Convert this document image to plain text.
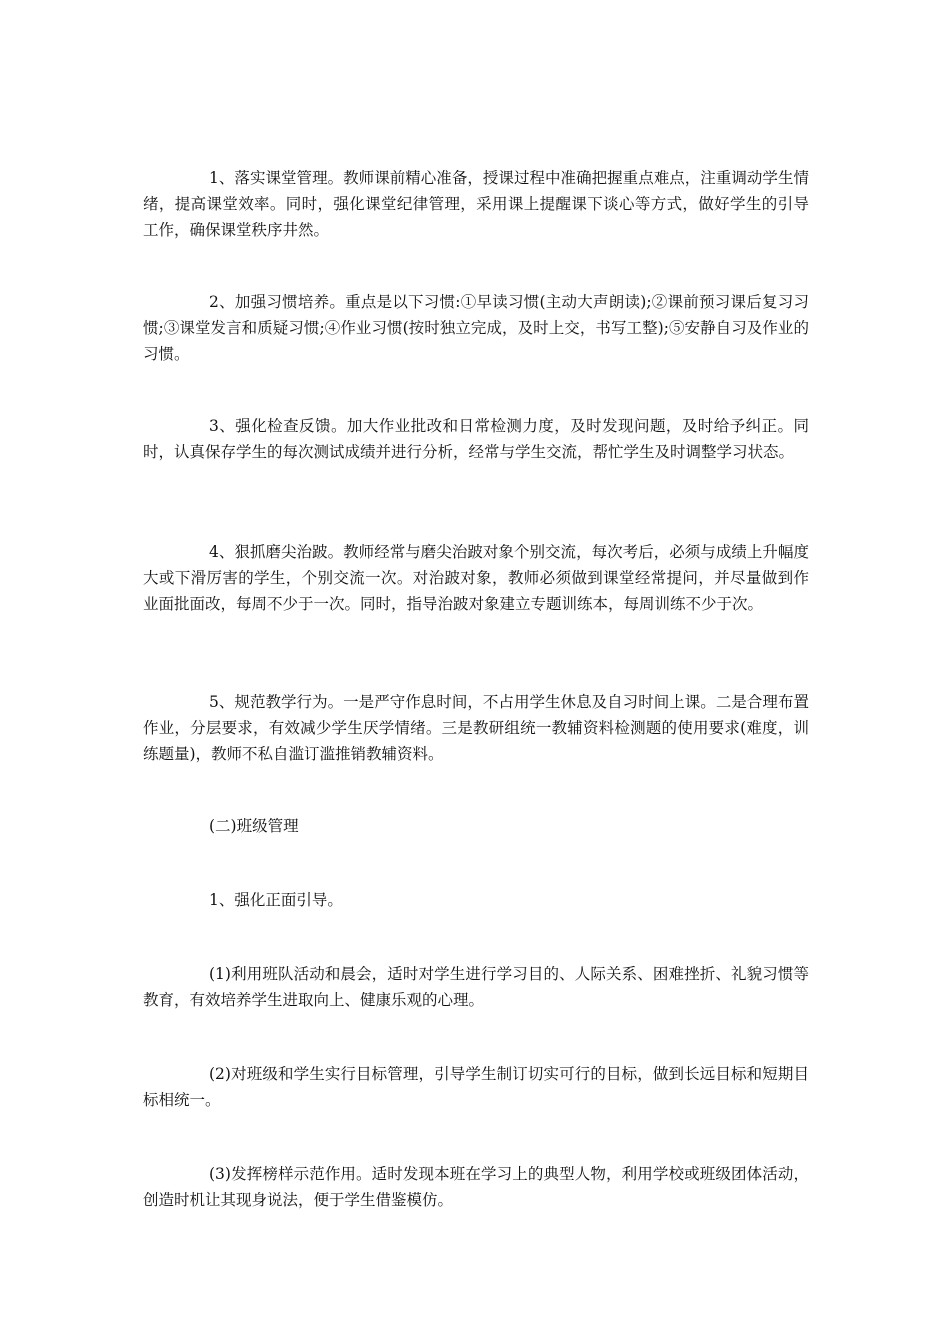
1、落实课堂管理。教师课前精心准备，授课过程中准确把握重点难点，注重调动学生情绪，提高课堂效率。同时，强化课堂纪律管理，采用课上提醒课下谈心等方式，做好学生的引导工作，确保课堂秩序井然。

2、加强习惯培养。重点是以下习惯:①早读习惯(主动大声朗读);②课前预习课后复习习惯;③课堂发言和质疑习惯;④作业习惯(按时独立完成，及时上交，书写工整);⑤安静自习及作业的习惯。

3、强化检查反馈。加大作业批改和日常检测力度，及时发现问题，及时给予纠正。同时，认真保存学生的每次测试成绩并进行分析，经常与学生交流，帮忙学生及时调整学习状态。

4、狠抓磨尖治跛。教师经常与磨尖治跛对象个别交流，每次考后，必须与成绩上升幅度大或下滑厉害的学生，个别交流一次。对治跛对象，教师必须做到课堂经常提问，并尽量做到作业面批面改，每周不少于一次。同时，指导治跛对象建立专题训练本，每周训练不少于次。

5、规范教学行为。一是严守作息时间，不占用学生休息及自习时间上课。二是合理布置作业，分层要求，有效减少学生厌学情绪。三是教研组统一教辅资料检测题的使用要求(难度，训练题量)，教师不私自滥订滥推销教辅资料。

(二)班级管理

1、强化正面引导。

(1)利用班队活动和晨会，适时对学生进行学习目的、人际关系、困难挫折、礼貌习惯等教育，有效培养学生进取向上、健康乐观的心理。

(2)对班级和学生实行目标管理，引导学生制订切实可行的目标，做到长远目标和短期目标相统一。

(3)发挥榜样示范作用。适时发现本班在学习上的典型人物，利用学校或班级团体活动，创造时机让其现身说法，便于学生借鉴模仿。
